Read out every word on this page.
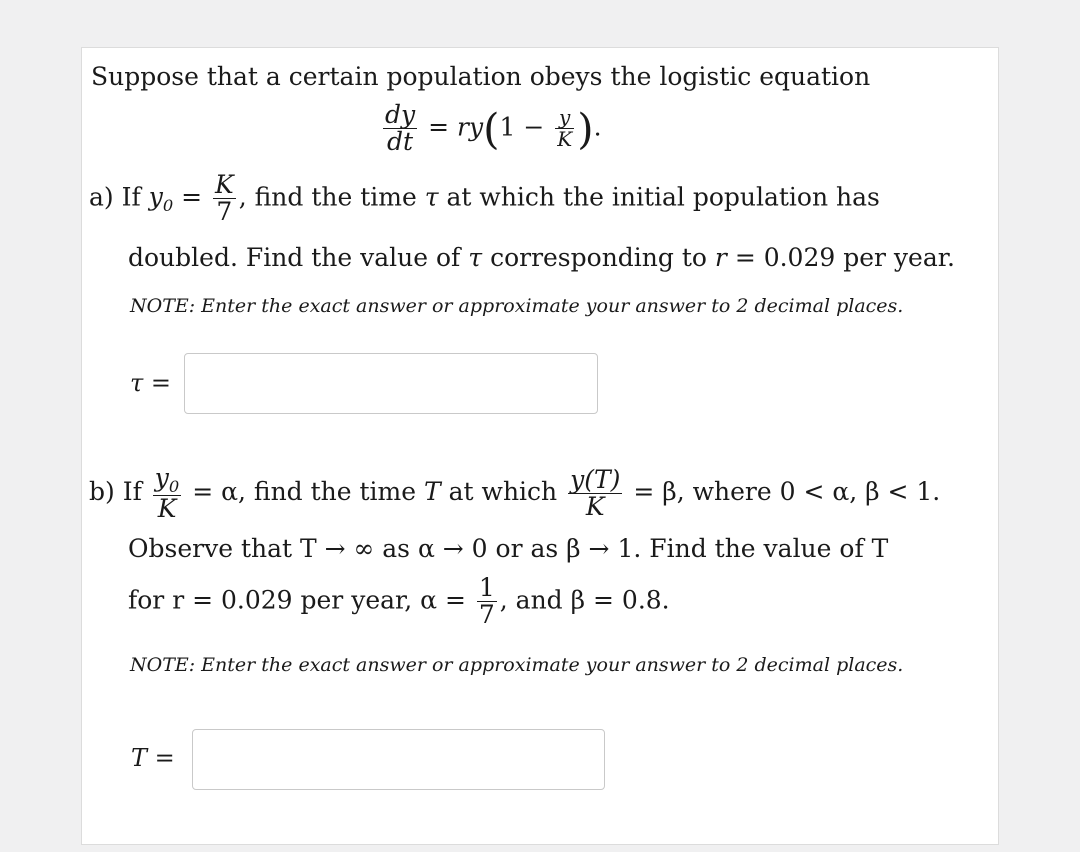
Suppose that a certain population obeys the logistic equation
$\frac{dy}{dt} = ry(1 - \frac{y}{K}$ ).
a) If $y_0 = \frac{K}{7}$ , find the time τ at which the initial population has
doubled. Find the value of τ corresponding to r = 0.029 per year.
NOTE: Enter the exact answer or approximate your answer to 2 decimal places.
τ =
b) If $\frac{y_0}{K} = \alpha$, find the time T at which $\frac{y(T)}{K} = \beta$, where 0 < α, β < 1.
Observe that T → ∞ as α → 0 or as β → 1. Find the value of T
for r = 0.029 per year, $\alpha = \frac{1}{7}$ , and β = 0.8.
NOTE: Enter the exact answer or approximate your answer to 2 decimal places.
T =
